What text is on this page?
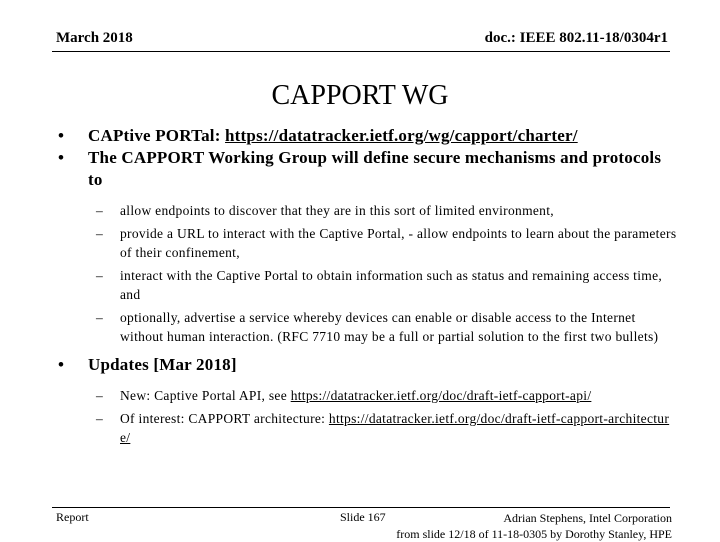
March 2018	doc.: IEEE 802.11-18/0304r1
CAPPORT WG
• CAPtive PORTal: https://datatracker.ietf.org/wg/capport/charter/
• The CAPPORT Working Group will define secure mechanisms and protocols to
– allow endpoints to discover that they are in this sort of limited environment,
– provide a URL to interact with the Captive Portal, - allow endpoints to learn about the parameters of their confinement,
– interact with the Captive Portal to obtain information such as status and remaining access time, and
– optionally, advertise a service whereby devices can enable or disable access to the Internet without human interaction. (RFC 7710 may be a full or partial solution to the first two bullets)
• Updates [Mar 2018]
– New: Captive Portal API, see https://datatracker.ietf.org/doc/draft-ietf-capport-api/
– Of interest: CAPPORT architecture: https://datatracker.ietf.org/doc/draft-ietf-capport-architecture/
Report	Slide 167	Adrian Stephens, Intel Corporation
from slide 12/18 of 11-18-0305 by Dorothy Stanley, HPE
